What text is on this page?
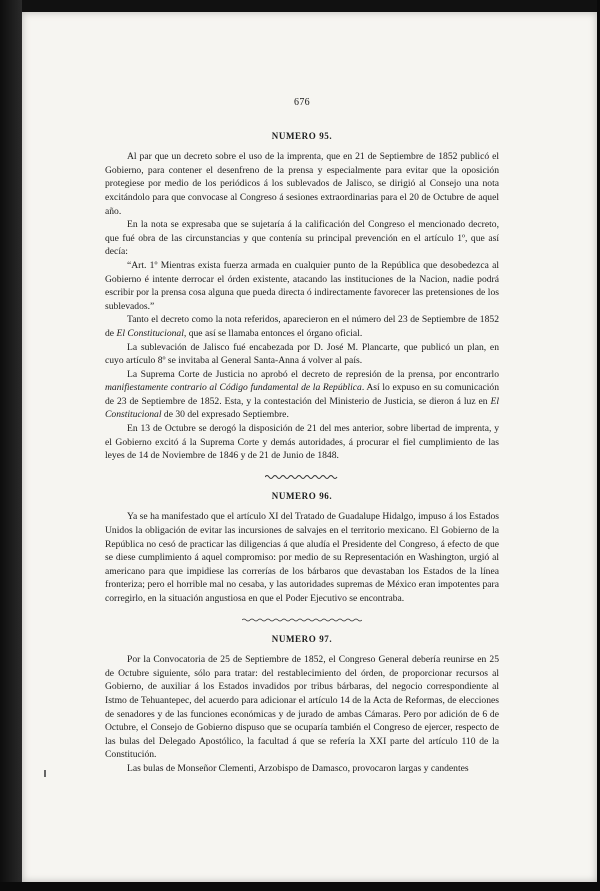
676
NUMERO 95.

Al par que un decreto sobre el uso de la imprenta, que en 21 de Septiembre de 1852 publicó el Gobierno, para contener el desenfreno de la prensa y especialmente para evitar que la oposición protegiese por medio de los periódicos á los sublevados de Jalisco, se dirigió al Consejo una nota excitándolo para que convocase al Congreso á sesiones extraordinarias para el 20 de Octubre de aquel año.

En la nota se expresaba que se sujetaría á la calificación del Congreso el mencionado decreto, que fué obra de las circunstancias y que contenía su principal prevención en el artículo 1º, que así decía:

“Art. 1º Mientras exista fuerza armada en cualquier punto de la República que desobedezca al Gobierno é intente derrocar el órden existente, atacando las instituciones de la Nacion, nadie podrá escribir por la prensa cosa alguna que pueda directa ó indirectamente favorecer las pretensiones de los sublevados.”

Tanto el decreto como la nota referidos, aparecieron en el número del 23 de Septiembre de 1852 de El Constitucional, que así se llamaba entonces el órgano oficial.

La sublevación de Jalisco fué encabezada por D. José M. Plancarte, que publicó un plan, en cuyo artículo 8º se invitaba al General Santa-Anna á volver al país.

La Suprema Corte de Justicia no aprobó el decreto de represión de la prensa, por encontrarlo manifiestamente contrario al Código fundamental de la República. Así lo expuso en su comunicación de 23 de Septiembre de 1852. Esta, y la contestación del Ministerio de Justicia, se dieron á luz en El Constitucional de 30 del expresado Septiembre.

En 13 de Octubre se derogó la disposición de 21 del mes anterior, sobre libertad de imprenta, y el Gobierno excitó á la Suprema Corte y demás autoridades, á procurar el fiel cumplimiento de las leyes de 14 de Noviembre de 1846 y de 21 de Junio de 1848.

NUMERO 96.

Ya se ha manifestado que el artículo XI del Tratado de Guadalupe Hidalgo, impuso á los Estados Unidos la obligación de evitar las incursiones de salvajes en el territorio mexicano. El Gobierno de la República no cesó de practicar las diligencias á que aludía el Presidente del Congreso, á efecto de que se diese cumplimiento á aquel compromiso: por medio de su Representación en Washington, urgió al americano para que impidiese las correrías de los bárbaros que devastaban los Estados de la línea fronteriza; pero el horrible mal no cesaba, y las autoridades supremas de México eran impotentes para corregirlo, en la situación angustiosa en que el Poder Ejecutivo se encontraba.

NUMERO 97.

Por la Convocatoria de 25 de Septiembre de 1852, el Congreso General debería reunirse en 25 de Octubre siguiente, sólo para tratar: del restablecimiento del órden, de proporcionar recursos al Gobierno, de auxiliar á los Estados invadidos por tribus bárbaras, del negocio correspondiente al Istmo de Tehuantepec, del acuerdo para adicionar el artículo 14 de la Acta de Reformas, de elecciones de senadores y de las funciones económicas y de jurado de ambas Cámaras. Pero por adición de 6 de Octubre, el Consejo de Gobierno dispuso que se ocuparía también el Congreso de ejercer, respecto de las bulas del Delegado Apostólico, la facultad á que se refería la XXI parte del artículo 110 de la Constitución.

Las bulas de Monseñor Clementi, Arzobispo de Damasco, provocaron largas y candentes
